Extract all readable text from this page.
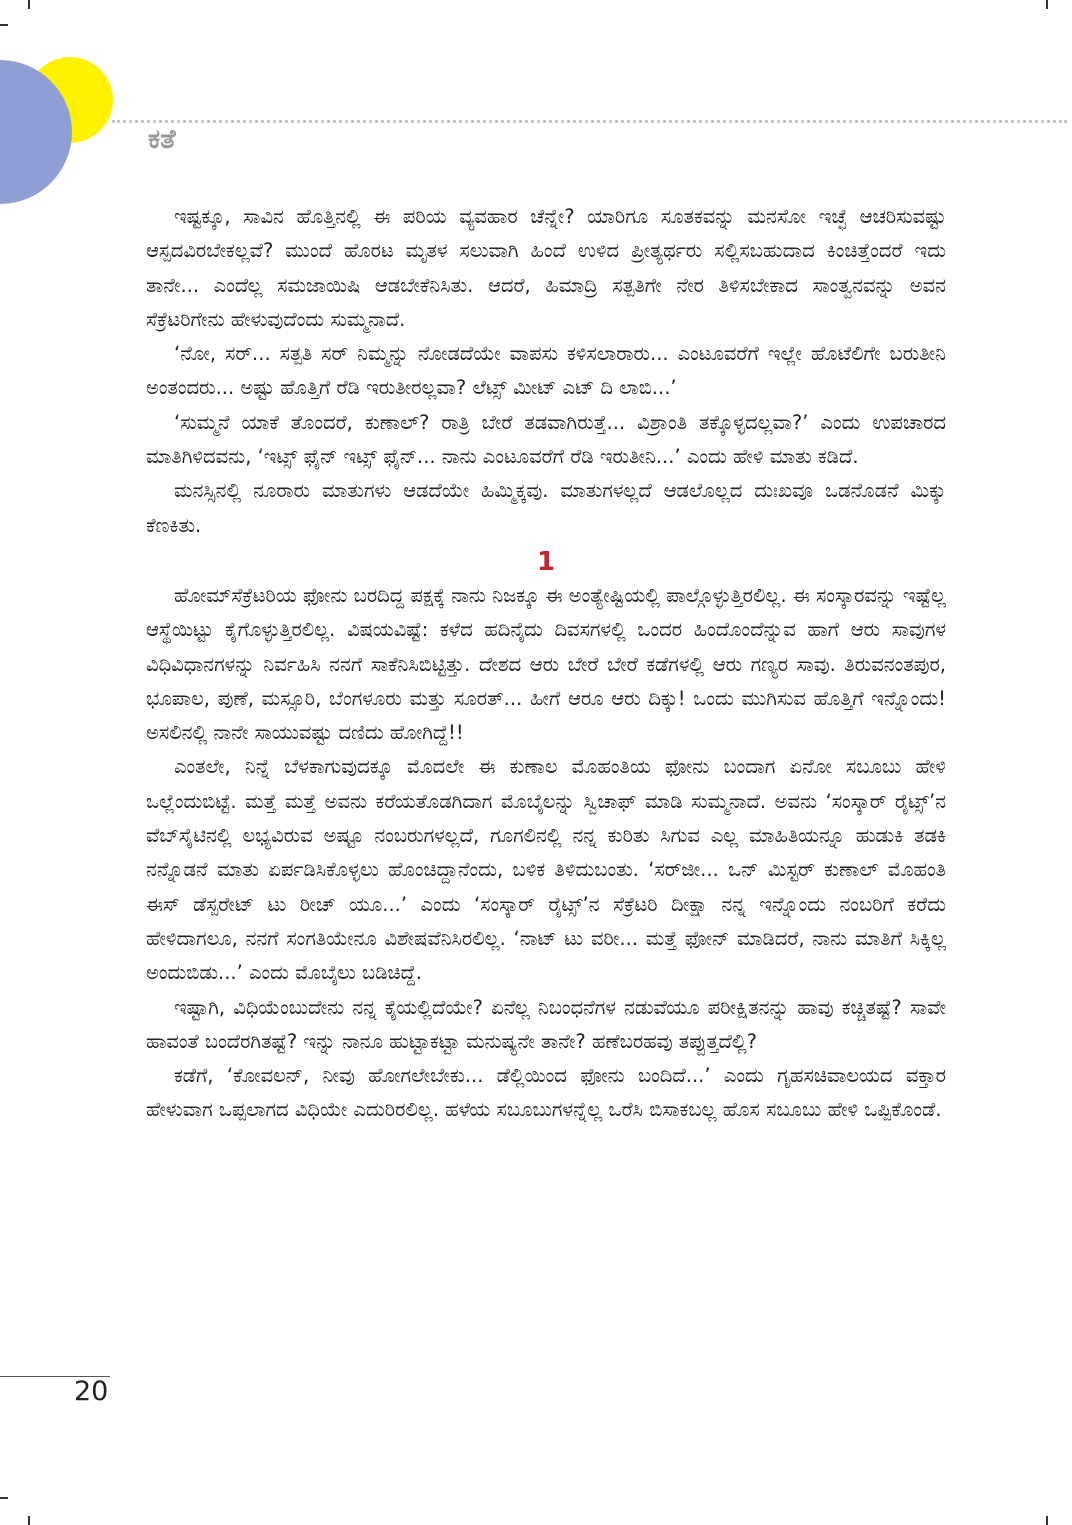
ಕತೆ

ಇಷ್ಟಕ್ಕೂ, ಸಾವಿನ ಹೊತ್ತಿನಲ್ಲಿ ಈ ಪರಿಯ ವ್ಯವಹಾರ ಚೆನ್ನೇ? ಯಾರಿಗೂ ಸೂತಕವನ್ನು ಮನಸೋ ಇಚ್ಛೆ ಆಚರಿಸುವಷ್ಟು ಆಸ್ಪದವಿರಬೇಕಲ್ಲವೆ? ಮುಂದೆ ಹೊರಟ ಮೃತಳ ಸಲುವಾಗಿ ಹಿಂದೆ ಉಳಿದ ಪ್ರೀತ್ಯರ್ಥರು ಸಲ್ಲಿಸಬಹುದಾದ ಕಿಂಚಿತ್ತೆಂದರೆ ಇದು ತಾನೇ... ಎಂದೆಲ್ಲ ಸಮಜಾಯಿಷಿ ಆಡಬೇಕೆನಿಸಿತು. ಆದರೆ, ಹಿಮಾದ್ರಿ ಸತ್ಪತಿಗೇ ನೇರ ತಿಳಿಸಬೇಕಾದ ಸಾಂತ್ವನವನ್ನು ಅವನ ಸೆಕ್ರೆಟರಿಗೇನು ಹೇಳುವುದೆಂದು ಸುಮ್ಮನಾದೆ.

‘ನೋ, ಸರ್... ಸತ್ಪತಿ ಸರ್ ನಿಮ್ಮನ್ನು ನೋಡದೆಯೇ ವಾಪಸು ಕಳಿಸಲಾರಾರು... ಎಂಟೂವರೆಗೆ ಇಲ್ಲೇ ಹೊಟೆಲಿಗೇ ಬರುತೀನಿ ಅಂತಂದರು... ಅಷ್ಟು ಹೊತ್ತಿಗೆ ರೆಡಿ ಇರುತೀರಲ್ಲವಾ? ಲೆಟ್ಸ್ ಮೀಟ್ ಎಟ್ ದಿ ಲಾಬಿ...’

‘ಸುಮ್ಮನೆ ಯಾಕೆ ತೊಂದರೆ, ಕುಣಾಲ್? ರಾತ್ರಿ ಬೇರೆ ತಡವಾಗಿರುತ್ತೆ... ವಿಶ್ರಾಂತಿ ತಕ್ಕೊಳ್ಳದಲ್ಲವಾ?’ ಎಂದು ಉಪಚಾರದ ಮಾತಿಗಿಳಿದವನು, ‘ಇಟ್ಸ್ ಫೈನ್ ಇಟ್ಸ್ ಫೈನ್... ನಾನು ಎಂಟೂವರೆಗೆ ರೆಡಿ ಇರುತೀನಿ...’ ಎಂದು ಹೇಳಿ ಮಾತು ಕಡಿದೆ.

ಮನಸ್ಸಿನಲ್ಲಿ ನೂರಾರು ಮಾತುಗಳು ಆಡದೆಯೇ ಹಿಮ್ಮಿಕ್ಕವು. ಮಾತುಗಳಲ್ಲದೆ ಆಡಲೊಲ್ಲದ ದುಃಖವೂ ಒಡನೊಡನೆ ಮಿಕ್ಕು ಕೆಣಕಿತು.

1

ಹೋಮ್‌ಸೆಕ್ರೆಟರಿಯ ಫೋನು ಬರದಿದ್ದ ಪಕ್ಷಕ್ಕೆ ನಾನು ನಿಜಕ್ಕೂ ಈ ಅಂತ್ಯೇಷ್ಟಿಯಲ್ಲಿ ಪಾಲ್ಗೊಳ್ಳುತ್ತಿರಲಿಲ್ಲ. ಈ ಸಂಸ್ಕಾರವನ್ನು ಇಷ್ಟೆಲ್ಲ ಆಸ್ಥೆಯಿಟ್ಟು ಕೈಗೊಳ್ಳುತ್ತಿರಲಿಲ್ಲ. ವಿಷಯವಿಷ್ಟೆ: ಕಳೆದ ಹದಿನೈದು ದಿವಸಗಳಲ್ಲಿ ಒಂದರ ಹಿಂದೊಂದೆನ್ನುವ ಹಾಗೆ ಆರು ಸಾವುಗಳ ವಿಧಿವಿಧಾನಗಳನ್ನು ನಿರ್ವಹಿಸಿ ನನಗೆ ಸಾಕೆನಿಸಿಬಿಟ್ಟಿತ್ತು. ದೇಶದ ಆರು ಬೇರೆ ಬೇರೆ ಕಡೆಗಳಲ್ಲಿ ಆರು ಗಣ್ಯರ ಸಾವು. ತಿರುವನಂತಪುರ, ಭೂಪಾಲ, ಪುಣೆ, ಮಸ್ಸೂರಿ, ಬೆಂಗಳೂರು ಮತ್ತು ಸೂರತ್... ಹೀಗೆ ಆರೂ ಆರು ದಿಕ್ಕು! ಒಂದು ಮುಗಿಸುವ ಹೊತ್ತಿಗೆ ಇನ್ನೊಂದು! ಅಸಲಿನಲ್ಲಿ ನಾನೇ ಸಾಯುವಷ್ಟು ದಣಿದು ಹೋಗಿದ್ದೆ!!

ಎಂತಲೇ, ನಿನ್ನೆ ಬೆಳಕಾಗುವುದಕ್ಕೂ ಮೊದಲೇ ಈ ಕುಣಾಲ ಮೊಹಂತಿಯ ಫೋನು ಬಂದಾಗ ಏನೋ ಸಬೂಬು ಹೇಳಿ ಒಲ್ಲೆಂದುಬಿಟ್ಟೆ. ಮತ್ತೆ ಮತ್ತೆ ಅವನು ಕರೆಯತೊಡಗಿದಾಗ ಮೊಬೈಲನ್ನು ಸ್ವಿಚಾಫ್ ಮಾಡಿ ಸುಮ್ಮನಾದೆ. ಅವನು ‘ಸಂಸ್ಕಾರ್ ರೈಟ್ಸ್’ನ ವೆಬ್‌ಸೈಟಿನಲ್ಲಿ ಲಭ್ಯವಿರುವ ಅಷ್ಟೂ ನಂಬರುಗಳಲ್ಲದೆ, ಗೂಗಲಿನಲ್ಲಿ ನನ್ನ ಕುರಿತು ಸಿಗುವ ಎಲ್ಲ ಮಾಹಿತಿಯನ್ನೂ ಹುಡುಕಿ ತಡಕಿ ನನ್ನೊಡನೆ ಮಾತು ಏರ್ಪಡಿಸಿಕೊಳ್ಳಲು ಹೊಂಚಿದ್ದಾನೆಂದು, ಬಳಿಕ ತಿಳಿದುಬಂತು. ‘ಸರ್‌ಜೀ... ಒನ್ ಮಿಸ್ಟರ್ ಕುಣಾಲ್ ಮೊಹಂತಿ ಈಸ್ ಡೆಸ್ಪರೇಟ್ ಟು ರೀಚ್ ಯೂ...’ ಎಂದು ‘ಸಂಸ್ಕಾರ್ ರೈಟ್ಸ್’ನ ಸೆಕ್ರೆಟರಿ ದೀಕ್ಷಾ ನನ್ನ ಇನ್ನೊಂದು ನಂಬರಿಗೆ ಕರೆದು ಹೇಳಿದಾಗಲೂ, ನನಗೆ ಸಂಗತಿಯೇನೂ ವಿಶೇಷವೆನಿಸಿರಲಿಲ್ಲ. ‘ನಾಟ್ ಟು ವರೀ... ಮತ್ತೆ ಫೋನ್ ಮಾಡಿದರೆ, ನಾನು ಮಾತಿಗೆ ಸಿಕ್ಕಿಲ್ಲ ಅಂದುಬಿಡು...’ ಎಂದು ಮೊಬೈಲು ಬಡಿಚಿದ್ದೆ.

ಇಷ್ಟಾಗಿ, ವಿಧಿಯೆಂಬುದೇನು ನನ್ನ ಕೈಯಲ್ಲಿದೆಯೇ? ಏನೆಲ್ಲ ನಿಬಂಧನೆಗಳ ನಡುವೆಯೂ ಪರೀಕ್ಷಿತನನ್ನು ಹಾವು ಕಚ್ಚಿತಷ್ಟೆ? ಸಾವೇ ಹಾವಂತೆ ಬಂದೆರಗಿತಷ್ಟೆ? ಇನ್ನು ನಾನೂ ಹುಟ್ಟಾಕಟ್ಟಾ ಮನುಷ್ಯನೇ ತಾನೇ? ಹಣೆಬರಹವು ತಪ್ಪುತ್ತದೆಲ್ಲಿ?

ಕಡೆಗೆ, ‘ಕೋವಲನ್, ನೀವು ಹೋಗಲೇಬೇಕು... ಡೆಲ್ಲಿಯಿಂದ ಫೋನು ಬಂದಿದೆ...’ ಎಂದು ಗೃಹಸಚಿವಾಲಯದ ವಕ್ತಾರ ಹೇಳುವಾಗ ಒಪ್ಪಲಾಗದ ವಿಧಿಯೇ ಎದುರಿರಲಿಲ್ಲ. ಹಳೆಯ ಸಬೂಬುಗಳನ್ನೆಲ್ಲ ಒರೆಸಿ ಬಿಸಾಕಬಲ್ಲ ಹೊಸ ಸಬೂಬು ಹೇಳಿ ಒಪ್ಪಿಕೊಂಡೆ.

20
